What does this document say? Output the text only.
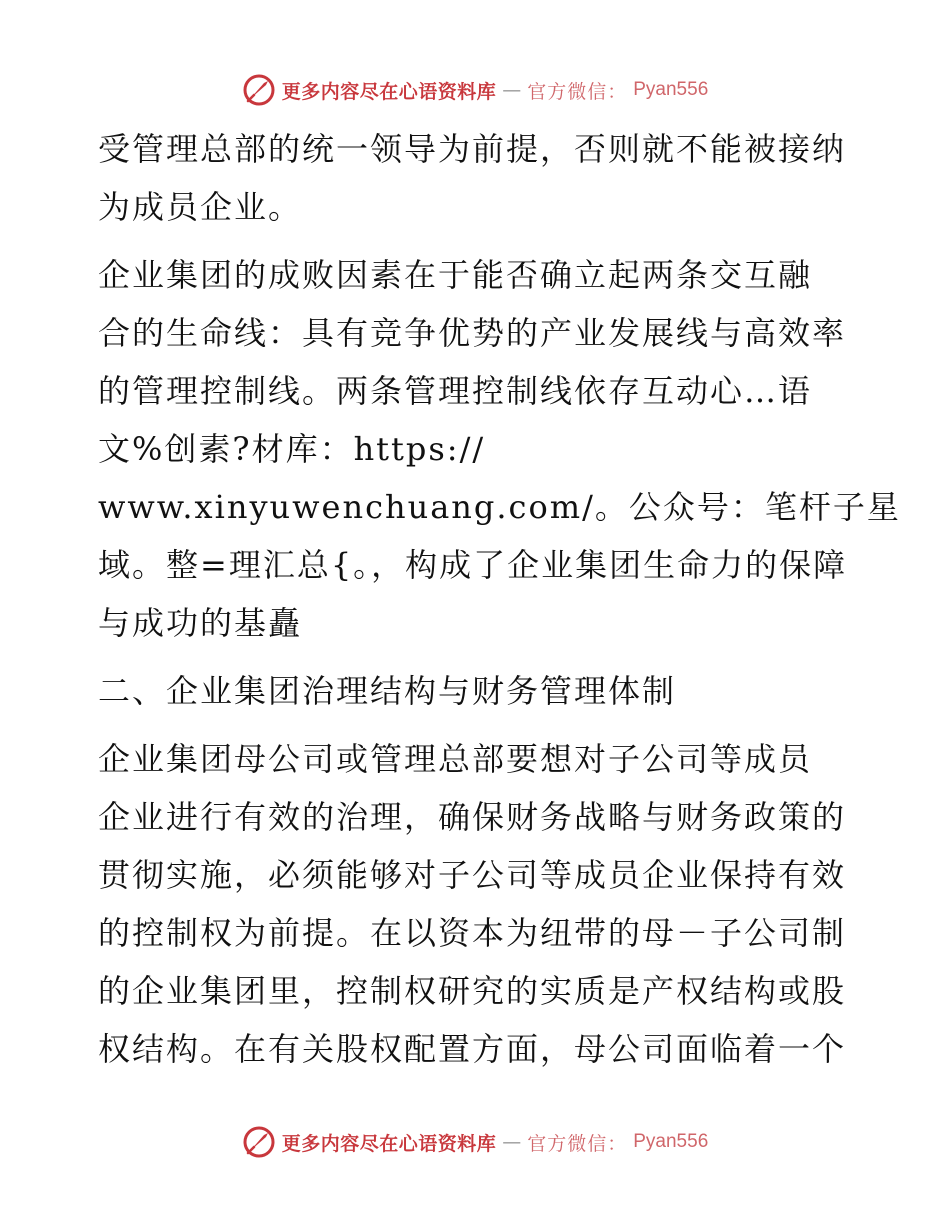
更多内容尽在心语资料库 — 官方微信： Pyan556
受管理总部的统一领导为前提，否则就不能被接纳
为成员企业。
企业集团的成败因素在于能否确立起两条交互融
合的生命线：具有竞争优势的产业发展线与高效率
的管理控制线。两条管理控制线依存互动心…语
文%创素?材库：https://
www.xinyuwenchuang.com/。公众号：笔杆子星
域。整=理汇总{。，构成了企业集团生命力的保障
与成功的基矗
二、企业集团治理结构与财务管理体制
企业集团母公司或管理总部要想对子公司等成员
企业进行有效的治理，确保财务战略与财务政策的
贯彻实施，必须能够对子公司等成员企业保持有效
的控制权为前提。在以资本为纽带的母－子公司制
的企业集团里，控制权研究的实质是产权结构或股
权结构。在有关股权配置方面，母公司面临着一个
更多内容尽在心语资料库 — 官方微信： Pyan556
